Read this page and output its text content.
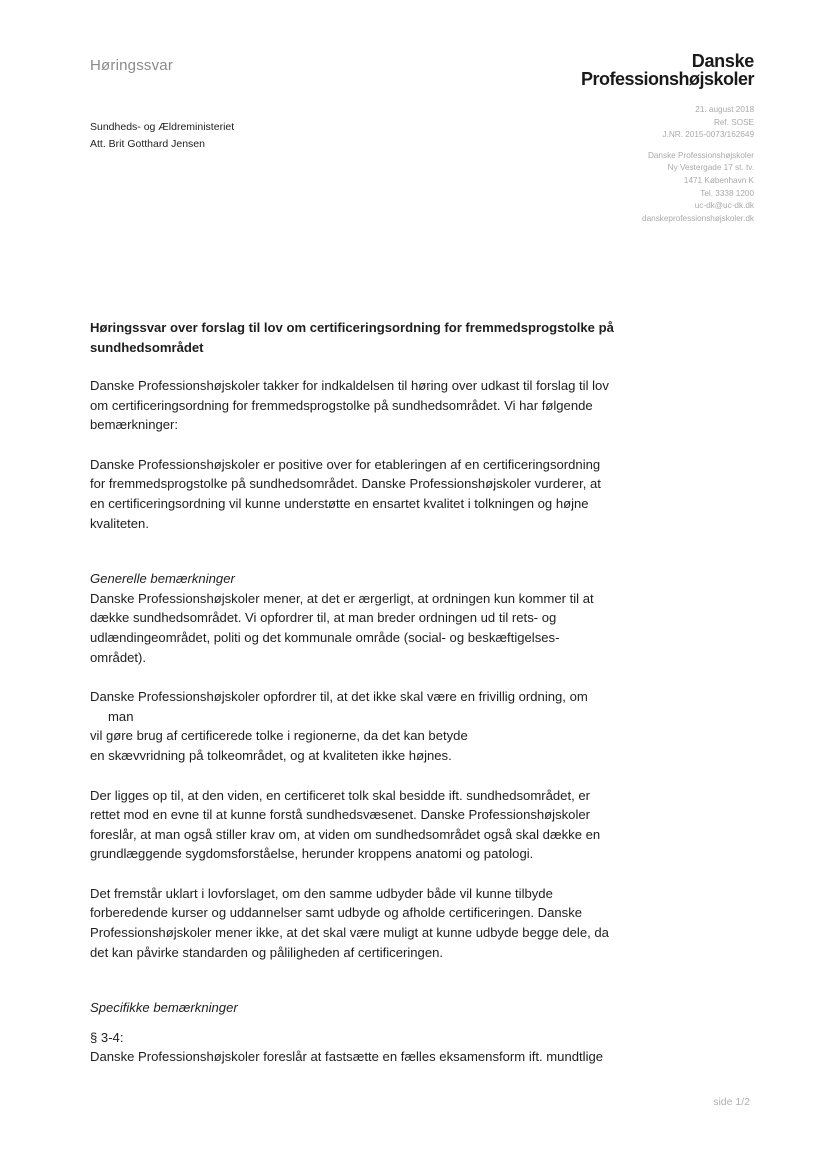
Høringssvar	Danske
Professionshøjskoler
Sundheds- og Ældreministeriet
Att. Brit Gotthard Jensen
21. august 2018
Ref. SOSE
J.NR. 2015-0073/162649
Danske Professionshøjskoler
Ny Vestergade 17 st. tv.
1471 København K
Tel. 3338 1200
uc-dk@uc-dk.dk
danskeprofessionshøjskoler.dk
Høringssvar over forslag til lov om certificeringsordning for fremmedsprogstolke på
sundhedsområdet
Danske Professionshøjskoler takker for indkaldelsen til høring over udkast til forslag til lov
om certificeringsordning for fremmedsprogstolke på sundhedsområdet. Vi har følgende
bemærkninger:
Danske Professionshøjskoler er positive over for etableringen af en certificeringsordning
for fremmedsprogstolke på sundhedsområdet. Danske Professionshøjskoler vurderer, at
en certificeringsordning vil kunne understøtte en ensartet kvalitet i tolkningen og højne
kvaliteten.
Generelle bemærkninger
Danske Professionshøjskoler mener, at det er ærgerligt, at ordningen kun kommer til at
dække sundhedsområdet. Vi opfordrer til, at man breder ordningen ud til rets- og
udlændingeområdet, politi og det kommunale område (social- og beskæftigelses-
området).
Danske Professionshøjskoler opfordrer til, at det ikke skal være en frivillig ordning, om
man
vil gøre brug af certificerede tolke i regionerne, da det kan betyde
en skævvridning på tolkeområdet, og at kvaliteten ikke højnes.
Der ligges op til, at den viden, en certificeret tolk skal besidde ift. sundhedsområdet, er
rettet mod en evne til at kunne forstå sundhedsvæsenet. Danske Professionshøjskoler
foreslår, at man også stiller krav om, at viden om sundhedsområdet også skal dække en
grundlæggende sygdomsforståelse, herunder kroppens anatomi og patologi.
Det fremstår uklart i lovforslaget, om den samme udbyder både vil kunne tilbyde
forberedende kurser og uddannelser samt udbyde og afholde certificeringen. Danske
Professionshøjskoler mener ikke, at det skal være muligt at kunne udbyde begge dele, da
det kan påvirke standarden og påliligheden af certificeringen.
Specifikke bemærkninger
§ 3-4:
Danske Professionshøjskoler foreslår at fastsætte en fælles eksamensform ift. mundtlige
side 1/2
